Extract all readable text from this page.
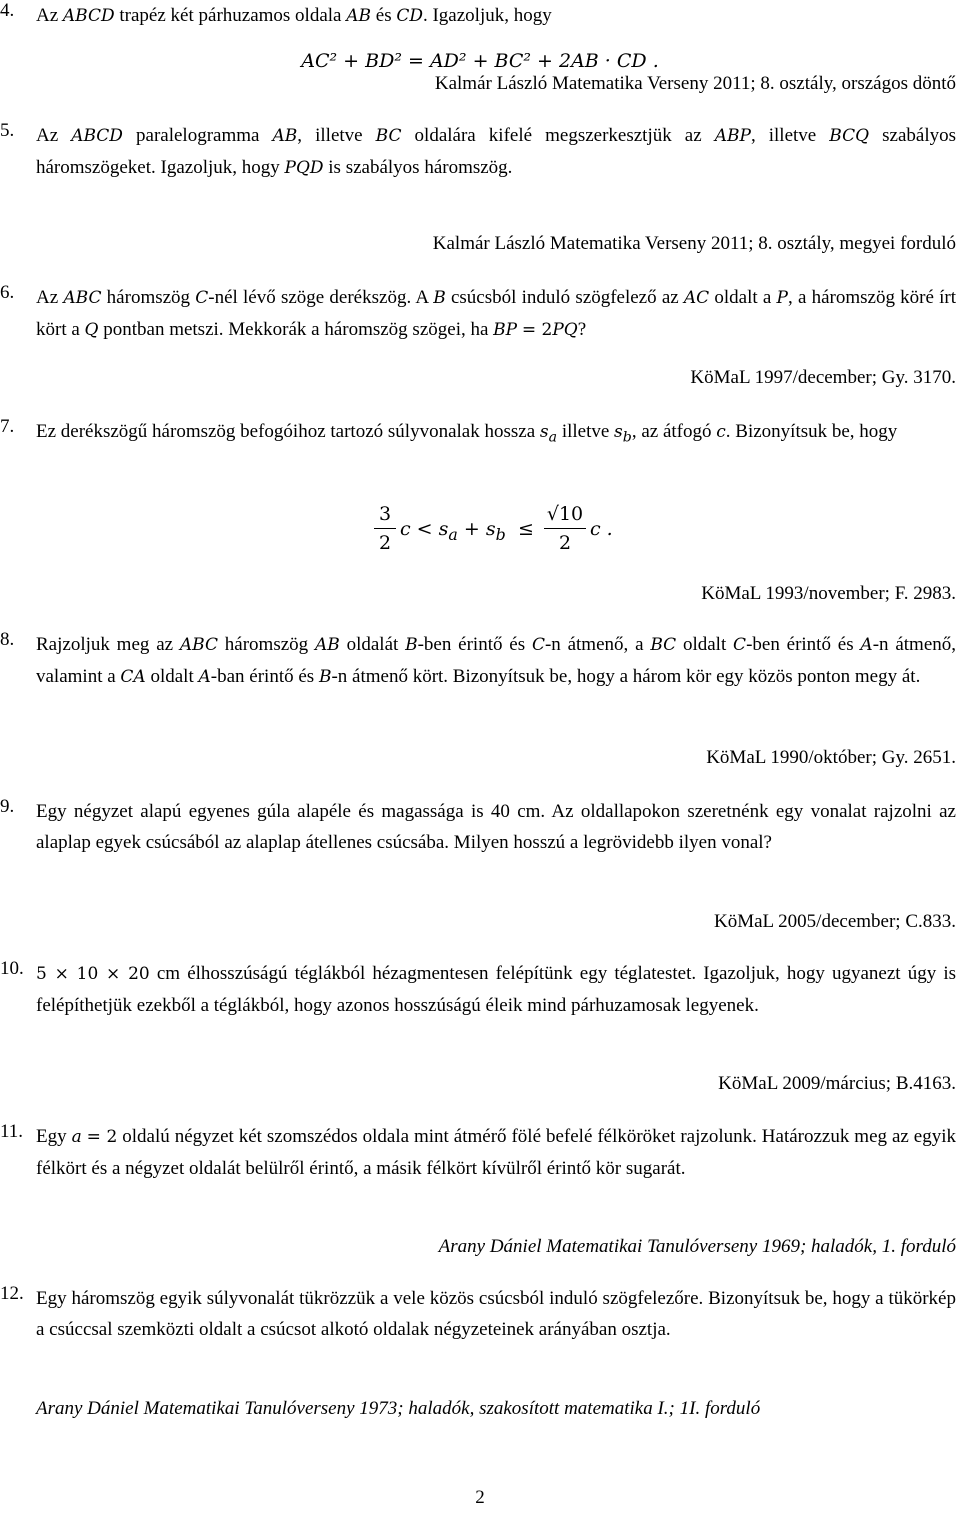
4. Az ABCD trapéz két párhuzamos oldala AB és CD. Igazoljuk, hogy
AC² + BD² = AD² + BC² + 2AB · CD .
Kalmár László Matematika Verseny 2011; 8. osztály, országos döntő
5. Az ABCD paralelogramma AB, illetve BC oldalára kifelé megszerkesztjük az ABP, illetve BCQ szabályos háromszögeket. Igazoljuk, hogy PQD is szabályos háromszög.
Kalmár László Matematika Verseny 2011; 8. osztály, megyei forduló
6. Az ABC háromszög C-nél lévő szöge derékszög. A B csúcsból induló szögfelező az AC oldalt a P, a háromszög köré írt kört a Q pontban metszi. Mekkorák a háromszög szögei, ha BP = 2PQ?
KöMaL 1997/december; Gy. 3170.
7. Ez derékszögű háromszög befogóihoz tartozó súlyvonalak hossza $s_a$ illetve $s_b$, az átfogó c. Bizonyítsuk be, hogy
3
2
$c < s_a + s_b$ ≤
√10
2
c .
KöMaL 1993/november; F. 2983.
8. Rajzoljuk meg az ABC háromszög AB oldalát B-ben érintő és C-n átmenő, a BC oldalt C-ben érintő és A-n átmenő, valamint a CA oldalt A-ban érintő és B-n átmenő kört. Bizonyítsuk be, hogy a három kör egy közös ponton megy át.
KöMaL 1990/október; Gy. 2651.
9. Egy négyzet alapú egyenes gúla alapéle és magassága is 40 cm. Az oldallapokon szeretnénk egy vonalat rajzolni az alaplap egyek csúcsából az alaplap átellenes csúcsába. Milyen hosszú a legrövidebb ilyen vonal?
KöMaL 2005/december; C.833.
10. 5 × 10 × 20 cm élhosszúságú téglákból hézagmentesen felépítünk egy téglatestet. Igazoljuk, hogy ugyanezt úgy is felépíthetjük ezekből a téglákból, hogy azonos hosszúságú éleik mind párhuzamosak legyenek.
KöMaL 2009/március; B.4163.
11. Egy a = 2 oldalú négyzet két szomszédos oldala mint átmérő fölé befelé félköröket rajzolunk. Határozzuk meg az egyik félkört és a négyzet oldalát belülről érintő, a másik félkört kívülről érintő kör sugarát.
Arany Dániel Matematikai Tanulóverseny 1969; haladók, 1. forduló
12. Egy háromszög egyik súlyvonalát tükrözzük a vele közös csúcsból induló szögfelezőre. Bizonyítsuk be, hogy a tükörkép a csúccsal szemközti oldalt a csúcsot alkotó oldalak négyzeteinek arányában osztja.
Arany Dániel Matematikai Tanulóverseny 1973; haladók, szakosított matematika I.; 1I. forduló
2
